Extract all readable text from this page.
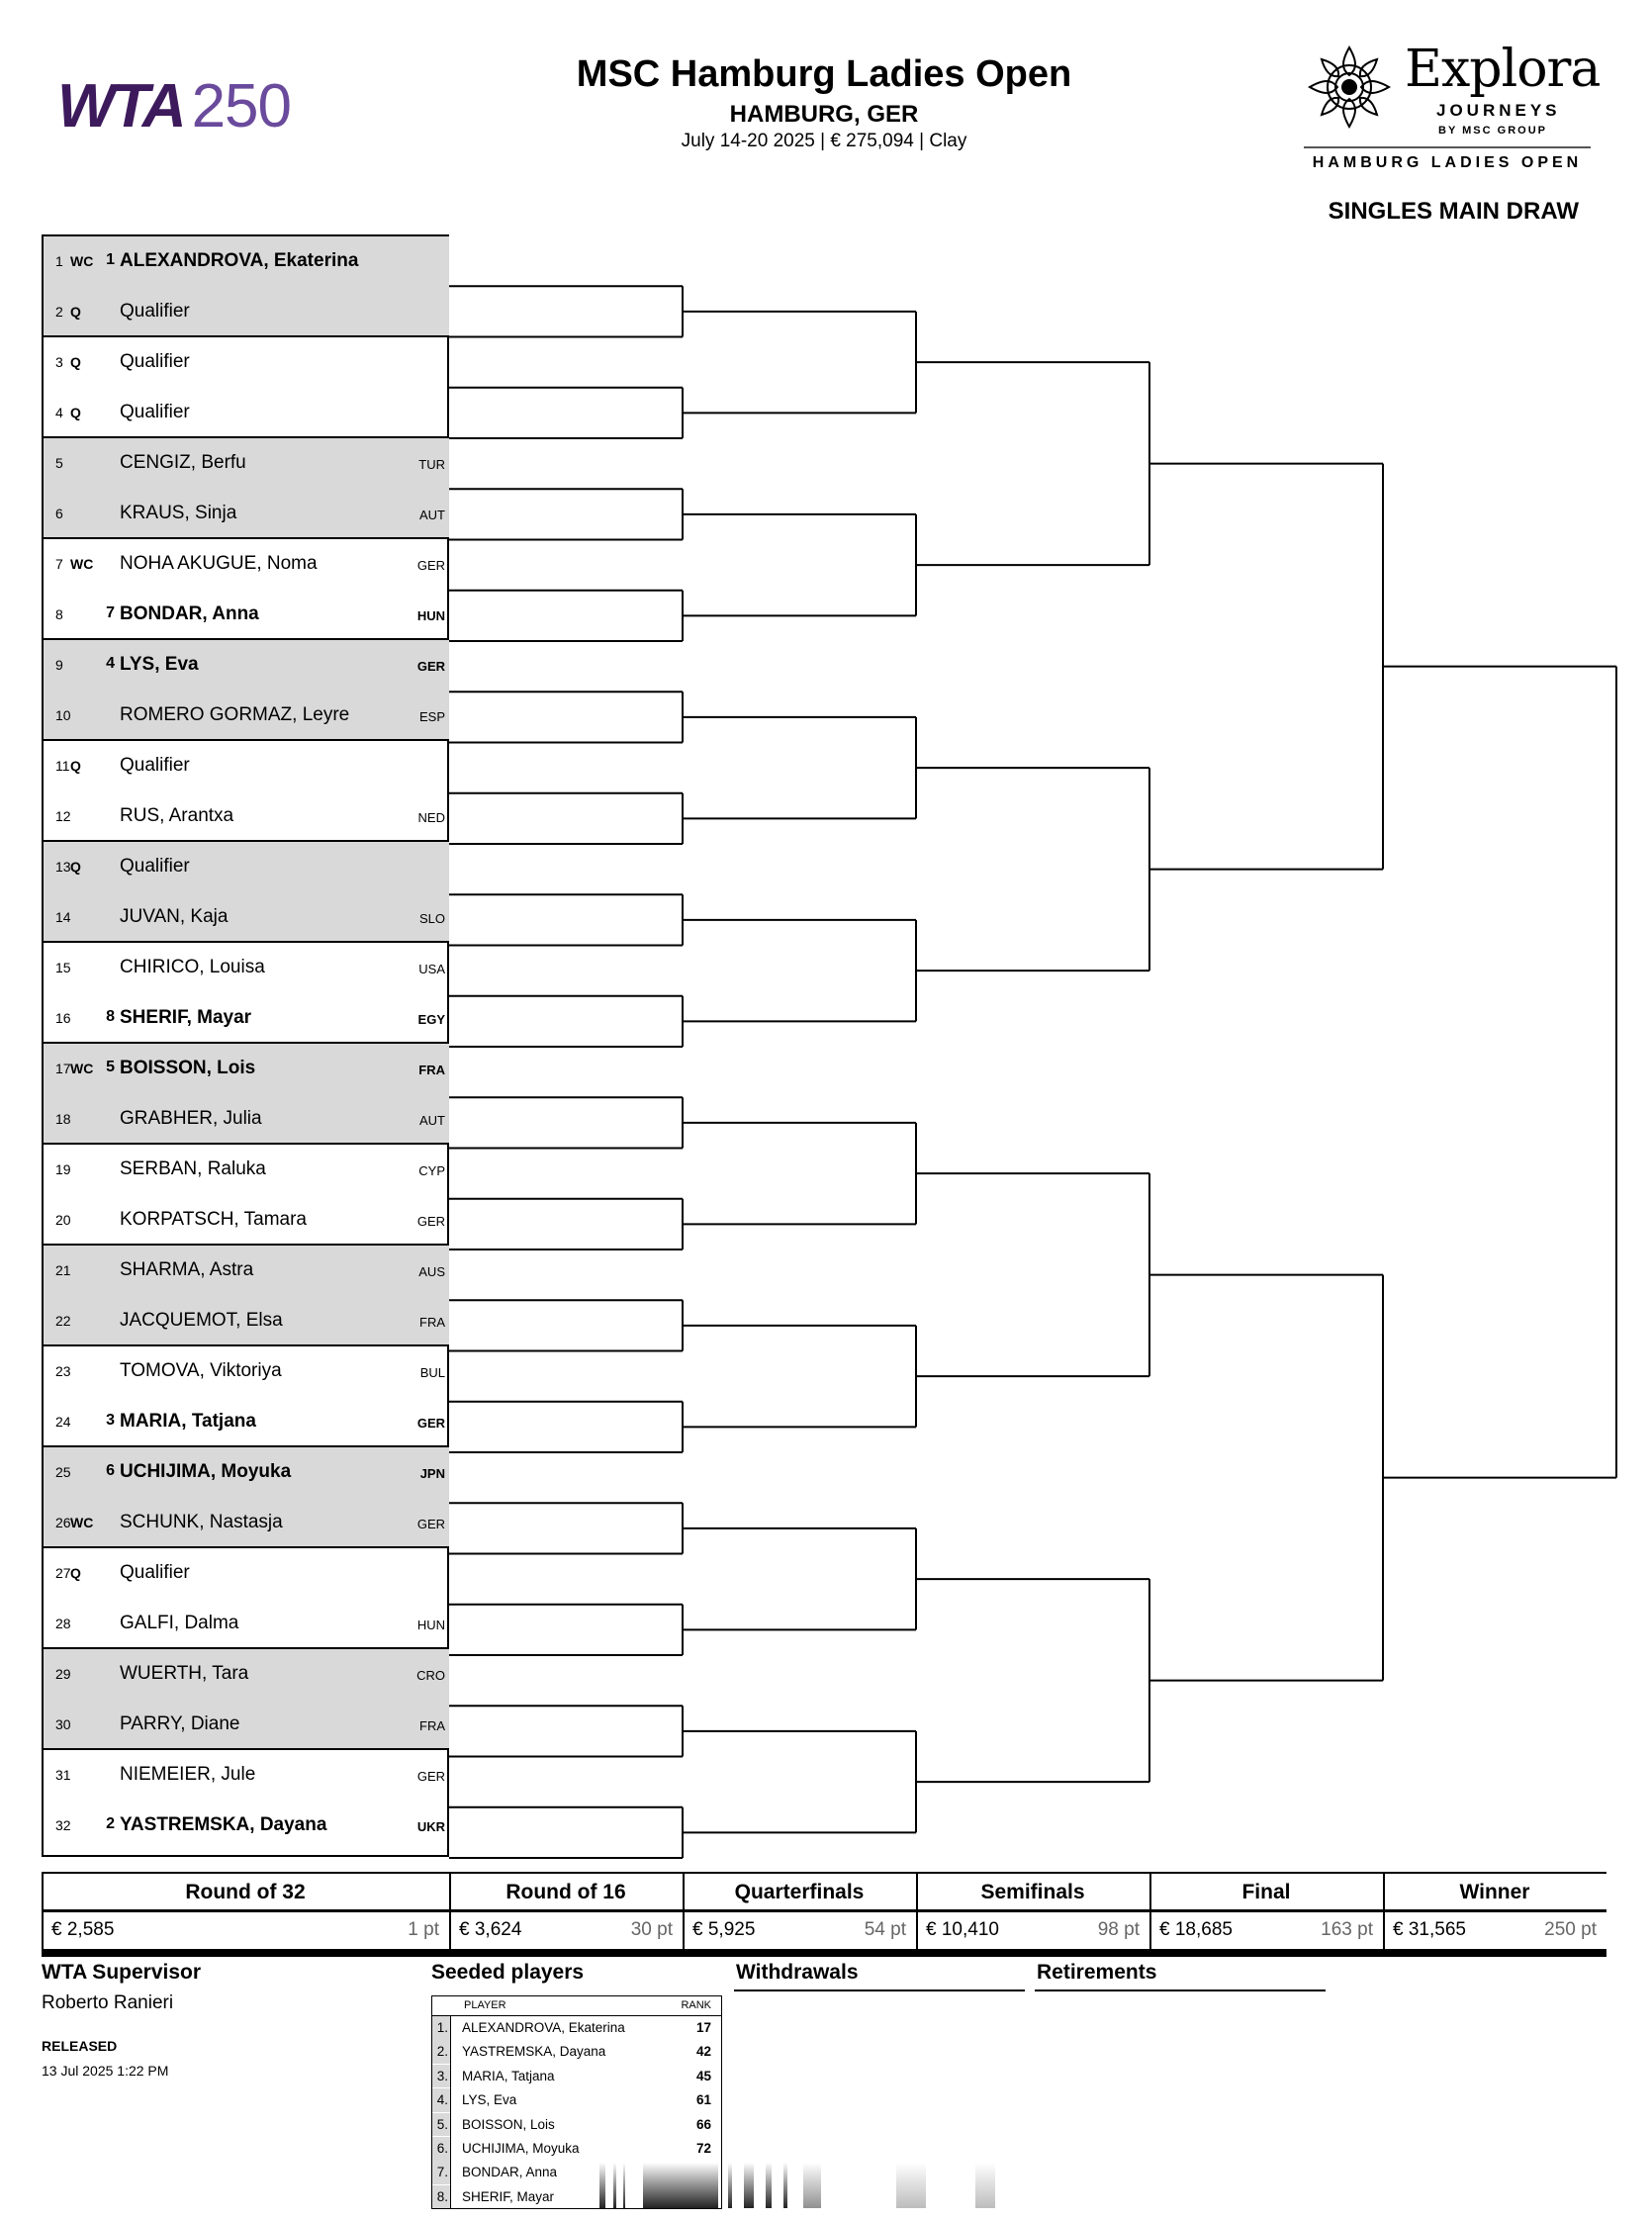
WTA 250	MSC Hamburg Ladies Open
HAMBURG, GER
July 14-20 2025 | € 275,094 | Clay
Explora
JOURNEYS
BY MSC GROUP
HAMBURG LADIES OPEN
SINGLES MAIN DRAW
1 WC 1 ALEXANDROVA, Ekaterina
2 Q Qualifier
3 Q Qualifier
4 Q Qualifier
5	CENGIZ, Berfu	TUR
6	KRAUS, Sinja	AUT
7 WC NOHA AKUGUE, Noma	GER
8	7 BONDAR, Anna	HUN
9	4 LYS, Eva	GER
10	ROMERO GORMAZ, Leyre	ESP
11 Q Qualifier
12	RUS, Arantxa	NED
13 Q Qualifier
14	JUVAN, Kaja	SLO
15	CHIRICO, Louisa	USA
16	8 SHERIF, Mayar	EGY
17 WC 5 BOISSON, Lois	FRA
18	GRABHER, Julia	AUT
19	SERBAN, Raluka	CYP
20	KORPATSCH, Tamara	GER
21	SHARMA, Astra	AUS
22	JACQUEMOT, Elsa	FRA
23	TOMOVA, Viktoriya	BUL
24	3 MARIA, Tatjana	GER
25	6 UCHIJIMA, Moyuka	JPN
26 WC SCHUNK, Nastasja	GER
27 Q Qualifier
28	GALFI, Dalma	HUN
29	WUERTH, Tara	CRO
30	PARRY, Diane	FRA
31	NIEMEIER, Jule	GER
32	2 YASTREMSKA, Dayana	UKR
Round of 32
€ 2,585	1 pt
Round of 16
€ 3,624	30 pt
Quarterfinals
€ 5,925	54 pt
Semifinals
€ 10,410	98 pt
Final
€ 18,685	163 pt
Winner
€ 31,565	250 pt
WTA Supervisor
Roberto Ranieri
RELEASED
13 Jul 2025 1:22 PM
Seeded players
PLAYER	RANK
1. ALEXANDROVA, Ekaterina	17
2. YASTREMSKA, Dayana	42
3. MARIA, Tatjana	45
4. LYS, Eva	61
5. BOISSON, Lois	66
6. UCHIJIMA, Moyuka	72
7. BONDAR, Anna
8. SHERIF, Mayar
Withdrawals	Retirements
